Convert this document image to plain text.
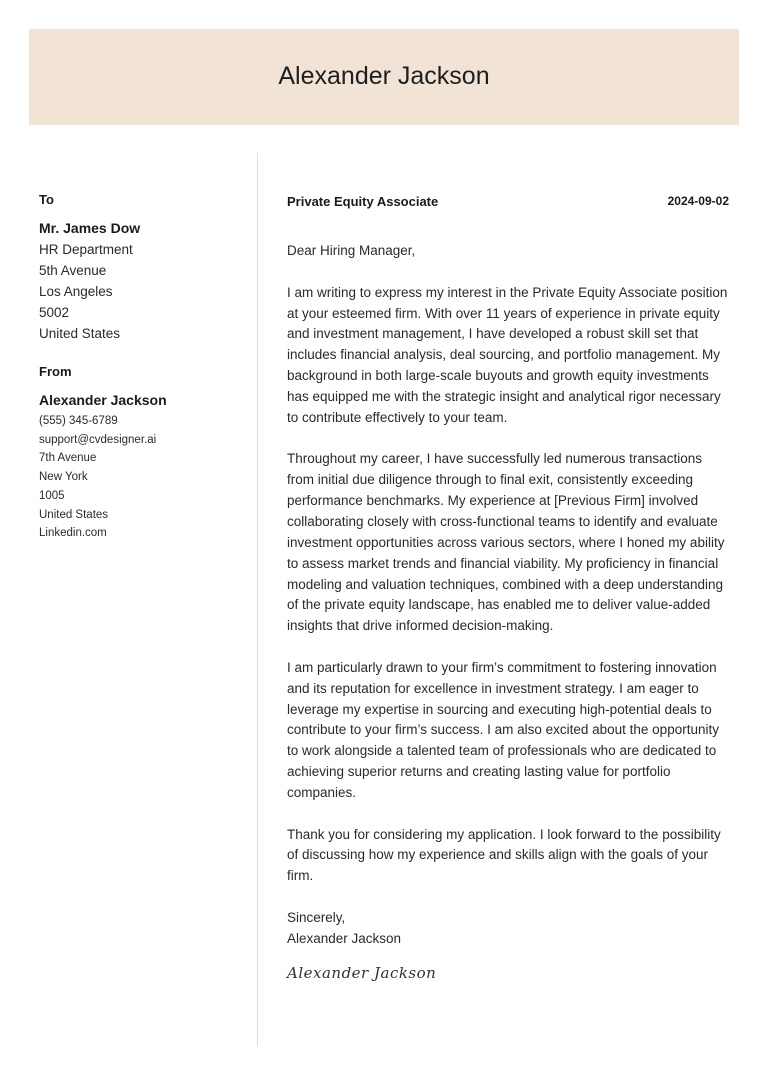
Alexander Jackson
To
Mr. James Dow
HR Department
5th Avenue
Los Angeles
5002
United States
From
Alexander Jackson
(555) 345-6789
support@cvdesigner.ai
7th Avenue
New York
1005
United States
Linkedin.com
Private Equity Associate	2024-09-02
Dear Hiring Manager,

I am writing to express my interest in the Private Equity Associate position at your esteemed firm. With over 11 years of experience in private equity and investment management, I have developed a robust skill set that includes financial analysis, deal sourcing, and portfolio management. My background in both large-scale buyouts and growth equity investments has equipped me with the strategic insight and analytical rigor necessary to contribute effectively to your team.

Throughout my career, I have successfully led numerous transactions from initial due diligence through to final exit, consistently exceeding performance benchmarks. My experience at [Previous Firm] involved collaborating closely with cross-functional teams to identify and evaluate investment opportunities across various sectors, where I honed my ability to assess market trends and financial viability. My proficiency in financial modeling and valuation techniques, combined with a deep understanding of the private equity landscape, has enabled me to deliver value-added insights that drive informed decision-making.

I am particularly drawn to your firm’s commitment to fostering innovation and its reputation for excellence in investment strategy. I am eager to leverage my expertise in sourcing and executing high-potential deals to contribute to your firm’s success. I am also excited about the opportunity to work alongside a talented team of professionals who are dedicated to achieving superior returns and creating lasting value for portfolio companies.

Thank you for considering my application. I look forward to the possibility of discussing how my experience and skills align with the goals of your firm.

Sincerely,
Alexander Jackson
Alexander Jackson
